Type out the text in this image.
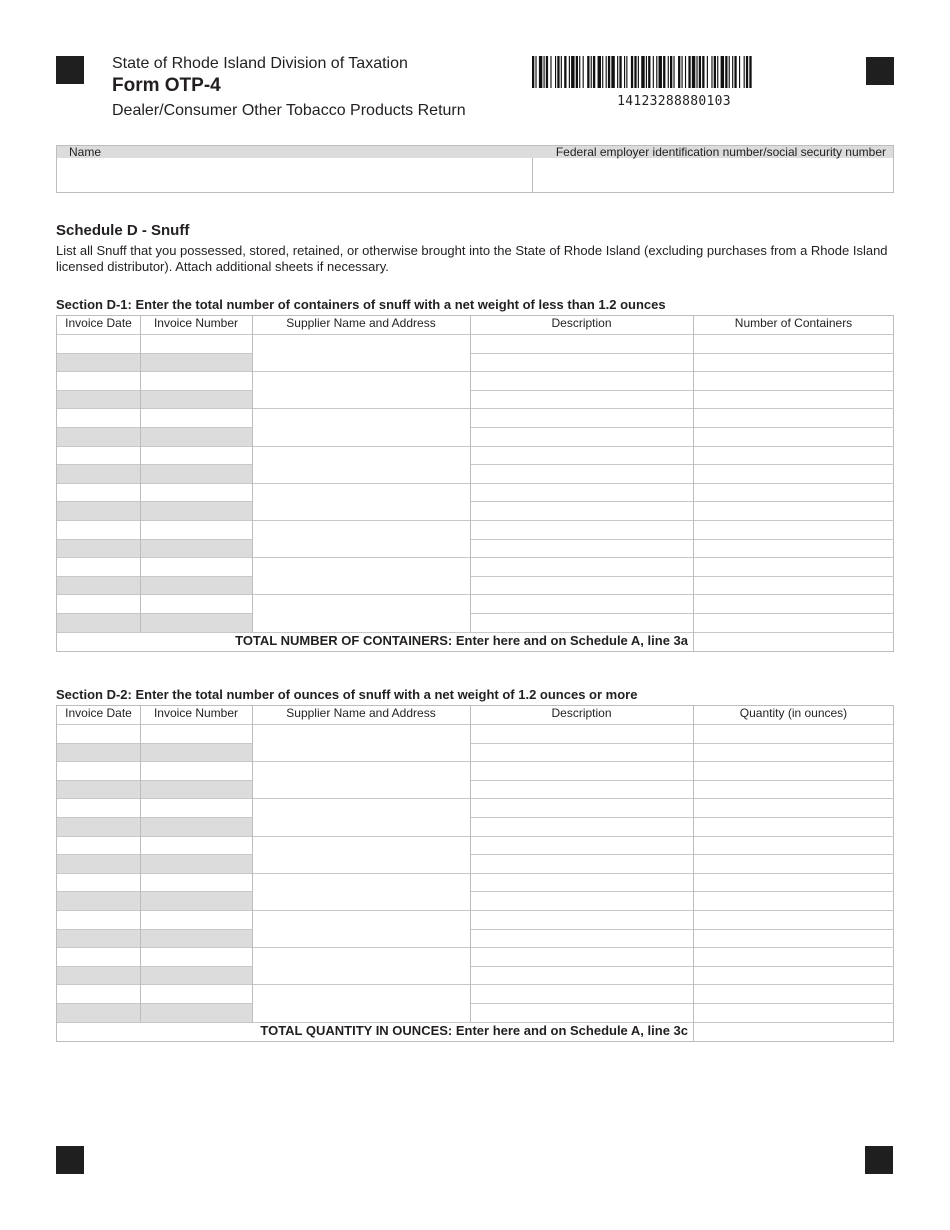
State of Rhode Island Division of Taxation
Form OTP-4
Dealer/Consumer Other Tobacco Products Return
14123288880103
Name	Federal employer identification number/social security number
Schedule D - Snuff
List all Snuff that you possessed, stored, retained, or otherwise brought into the State of Rhode Island (excluding purchases from a Rhode Island licensed distributor). Attach additional sheets if necessary.
Section D-1: Enter the total number of containers of snuff with a net weight of less than 1.2 ounces
Invoice Date	Invoice Number	Supplier Name and Address	Description	Number of Containers
TOTAL NUMBER OF CONTAINERS: Enter here and on Schedule A, line 3a
Section D-2: Enter the total number of ounces of snuff with a net weight of 1.2 ounces or more
Invoice Date	Invoice Number	Supplier Name and Address	Description	Quantity (in ounces)
TOTAL QUANTITY IN OUNCES: Enter here and on Schedule A, line 3c
